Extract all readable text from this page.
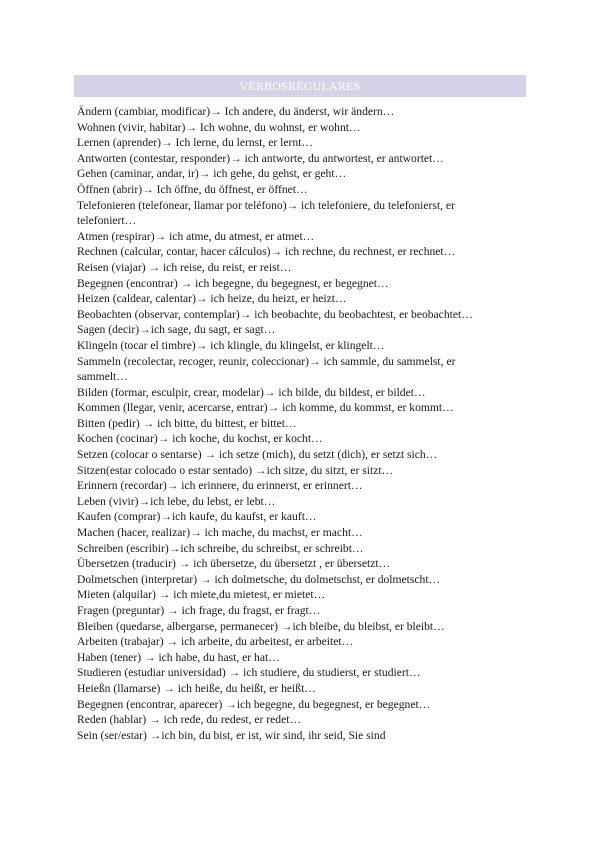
VERBOSREGULARES
Ändern (cambiar, modificar)→ Ich andere, du änderst, wir ändern…
Wohnen (vivir, habitar)→ Ich wohne, du wohnst, er wohnt…
Lernen (aprender)→ Ich lerne, du lernst, er lernt…
Antworten (contestar, responder)→ ich antworte, du antwortest, er antwortet…
Gehen (caminar, andar, ir)→ ich gehe, du gehst, er geht…
Öffnen (abrir)→ Ich öffne, du öffnest, er öffnet…
Telefonieren (telefonear, llamar por teléfono)→ ich telefoniere, du telefonierst, er
telefoniert…
Atmen (respirar)→ ich atme, du atmest, er atmet…
Rechnen (calcular, contar, hacer cálculos)→ ich rechne, du rechnest, er rechnet…
Reisen (viajar) → ich reise, du reist, er reist…
Begegnen (encontrar) → ich begegne, du begegnest, er begegnet…
Heizen (caldear, calentar)→ ich heize, du heizt, er heizt…
Beobachten (observar, contemplar)→ ich beobachte, du beobachtest, er beobachtet…
Sagen (decir)→ich sage, du sagt, er sagt…
Klingeln (tocar el timbre)→ ich klingle, du klingelst, er klingelt…
Sammeln (recolectar, recoger, reunir, coleccionar)→ ich sammle, du sammelst, er
sammelt…
Bilden (formar, esculpir, crear, modelar)→ ich bilde, du bildest, er bildet…
Kommen (llegar, venir, acercarse, entrar)→ ich komme, du kommst, er kommt…
Bitten (pedir) → ich bitte, du bittest, er bittet…
Kochen (cocinar)→ ich koche, du kochst, er kocht…
Setzen (colocar o sentarse) → ich setze (mich), du setzt (dich), er setzt sich…
Sitzen(estar colocado o estar sentado) →ich sitze, du sitzt, er sitzt…
Erinnern (recordar)→ ich erinnere, du erinnerst, er erinnert…
Leben (vivir)→ich lebe, du lebst, er lebt…
Kaufen (comprar)→ich kaufe, du kaufst, er kauft…
Machen (hacer, realizar)→ ich mache, du machst, er macht…
Schreiben (escribir)→ich schreibe, du schreibst, er schreibt…
Übersetzen (traducir) → ich übersetze, du übersetzt , er übersetzt…
Dolmetschen (interpretar) → ich dolmetsche, du dolmetschst, er dolmetscht…
Mieten (alquilar) → ich miete,du mietest, er mietet…
Fragen (preguntar) → ich frage, du fragst, er fragt…
Bleiben (quedarse, albergarse, permanecer) →ich bleibe, du bleibst, er bleibt…
Arbeiten (trabajar) → ich arbeite, du arbeitest, er arbeitet…
Haben (tener) → ich habe, du hast, er hat…
Studieren (estudiar universidad) → ich studiere, du studierst, er studiert…
Heießn (llamarse) → ich heiße, du heißt, er heißt…
Begegnen (encontrar, aparecer) →ich begegne, du begegnest, er begegnet…
Reden (hablar) → ich rede, du redest, er redet…
Sein (ser/estar) →ich bin, du bist, er ist, wir sind, ihr seid, Sie sind
